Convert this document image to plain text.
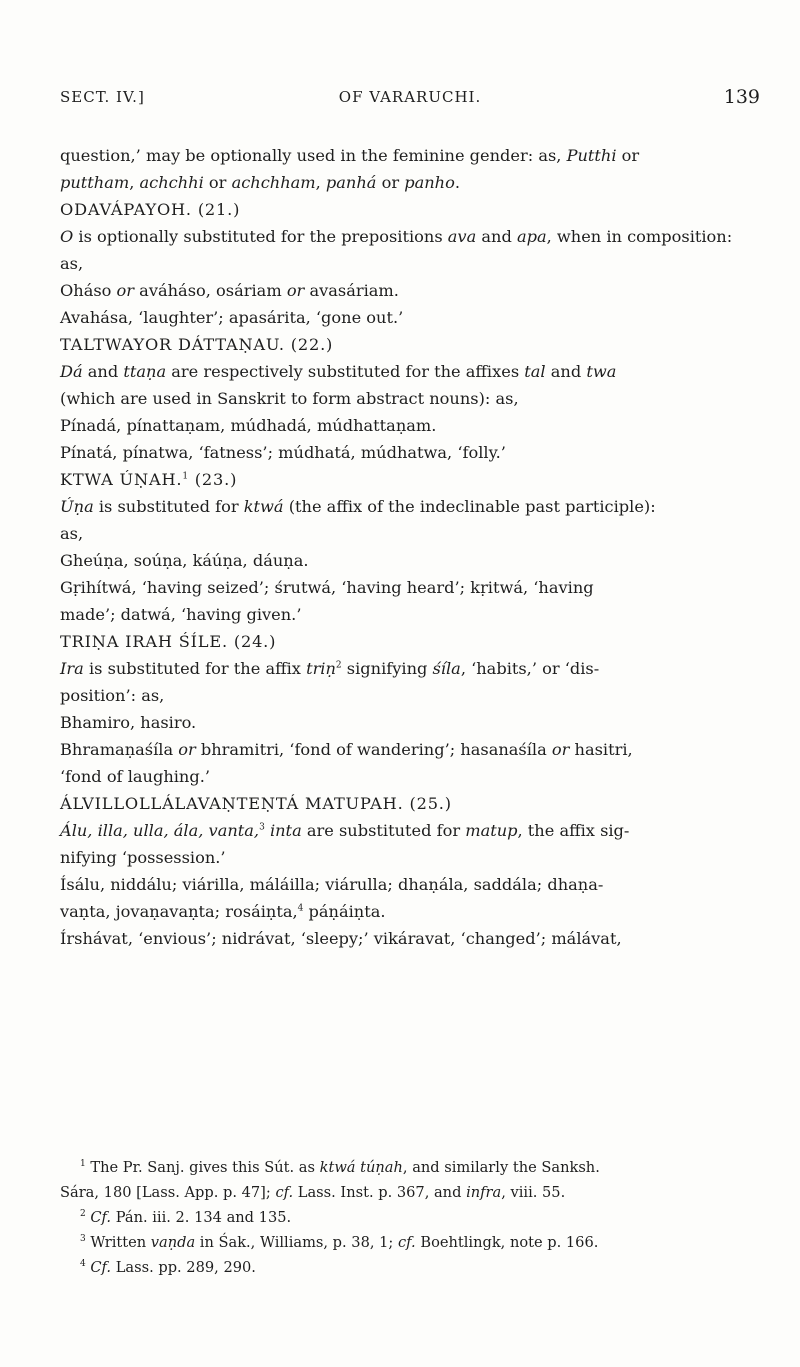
SECT. IV.]	OF VARARUCHI.	139

question,’ may be optionally used in the feminine gender: as, Putthi or

puttham, achchhi or achchham, panhá or panho.

ODAVÁPAYOH. (21.)

O is optionally substituted for the prepositions ava and apa, when in composition: as,

Oháso or aváháso, osáriam or avasáriam.

Avahása, ‘laughter’; apasárita, ‘gone out.’

TALTWAYOR DÁTTAṆAU. (22.)

Dá and ttaṇa are respectively substituted for the affixes tal and twa

(which are used in Sanskrit to form abstract nouns): as,

Pínadá, pínattaṇam, múdhadá, múdhattaṇam.

Pínatá, pínatwa, ‘fatness’; múdhatá, múdhatwa, ‘folly.’

KTWA ÚṆAH.$^1$ (23.)

Úṇa is substituted for ktwá (the affix of the indeclinable past participle):

as,

Gheúṇa, soúṇa, káúṇa, dáuṇa.

Gṛihítwá, ‘having seized’; śrutwá, ‘having heard’; kṛitwá, ‘having

made’; datwá, ‘having given.’

TRIṆA IRAH ŚÍLE. (24.)

Ira is substituted for the affix triṇ$^2$ signifying śíla, ‘habits,’ or ‘dis-

position’: as,

Bhamiro, hasiro.

Bhramaṇaśíla or bhramitri, ‘fond of wandering’; hasanaśíla or hasitri,

‘fond of laughing.’

ÁLVILLOLLÁLAVAṆTEṆTÁ MATUPAH. (25.)

Álu, illa, ulla, ála, vanta,$^3$ inta are substituted for matup, the affix sig-

nifying ‘possession.’

Ísálu, niddálu; viárilla, máláilla; viárulla; dhaṇála, saddála; dhaṇa-

vaṇta, jovaṇavaṇta; rosáiṇta,$^4$ páṇáiṇta.

Írshávat, ‘envious’; nidrávat, ‘sleepy;’ vikáravat, ‘changed’; málávat,

$^1$ The Pr. Sanj. gives this Sút. as ktwá túṇah, and similarly the Sanksh.

Sára, 180 [Lass. App. p. 47]; cf. Lass. Inst. p. 367, and infra, viii. 55.

$^2$ Cf. Pán. iii. 2. 134 and 135.

$^3$ Written vaṇda in Śak., Williams, p. 38, 1; cf. Boehtlingk, note p. 166.

$^4$ Cf. Lass. pp. 289, 290.
